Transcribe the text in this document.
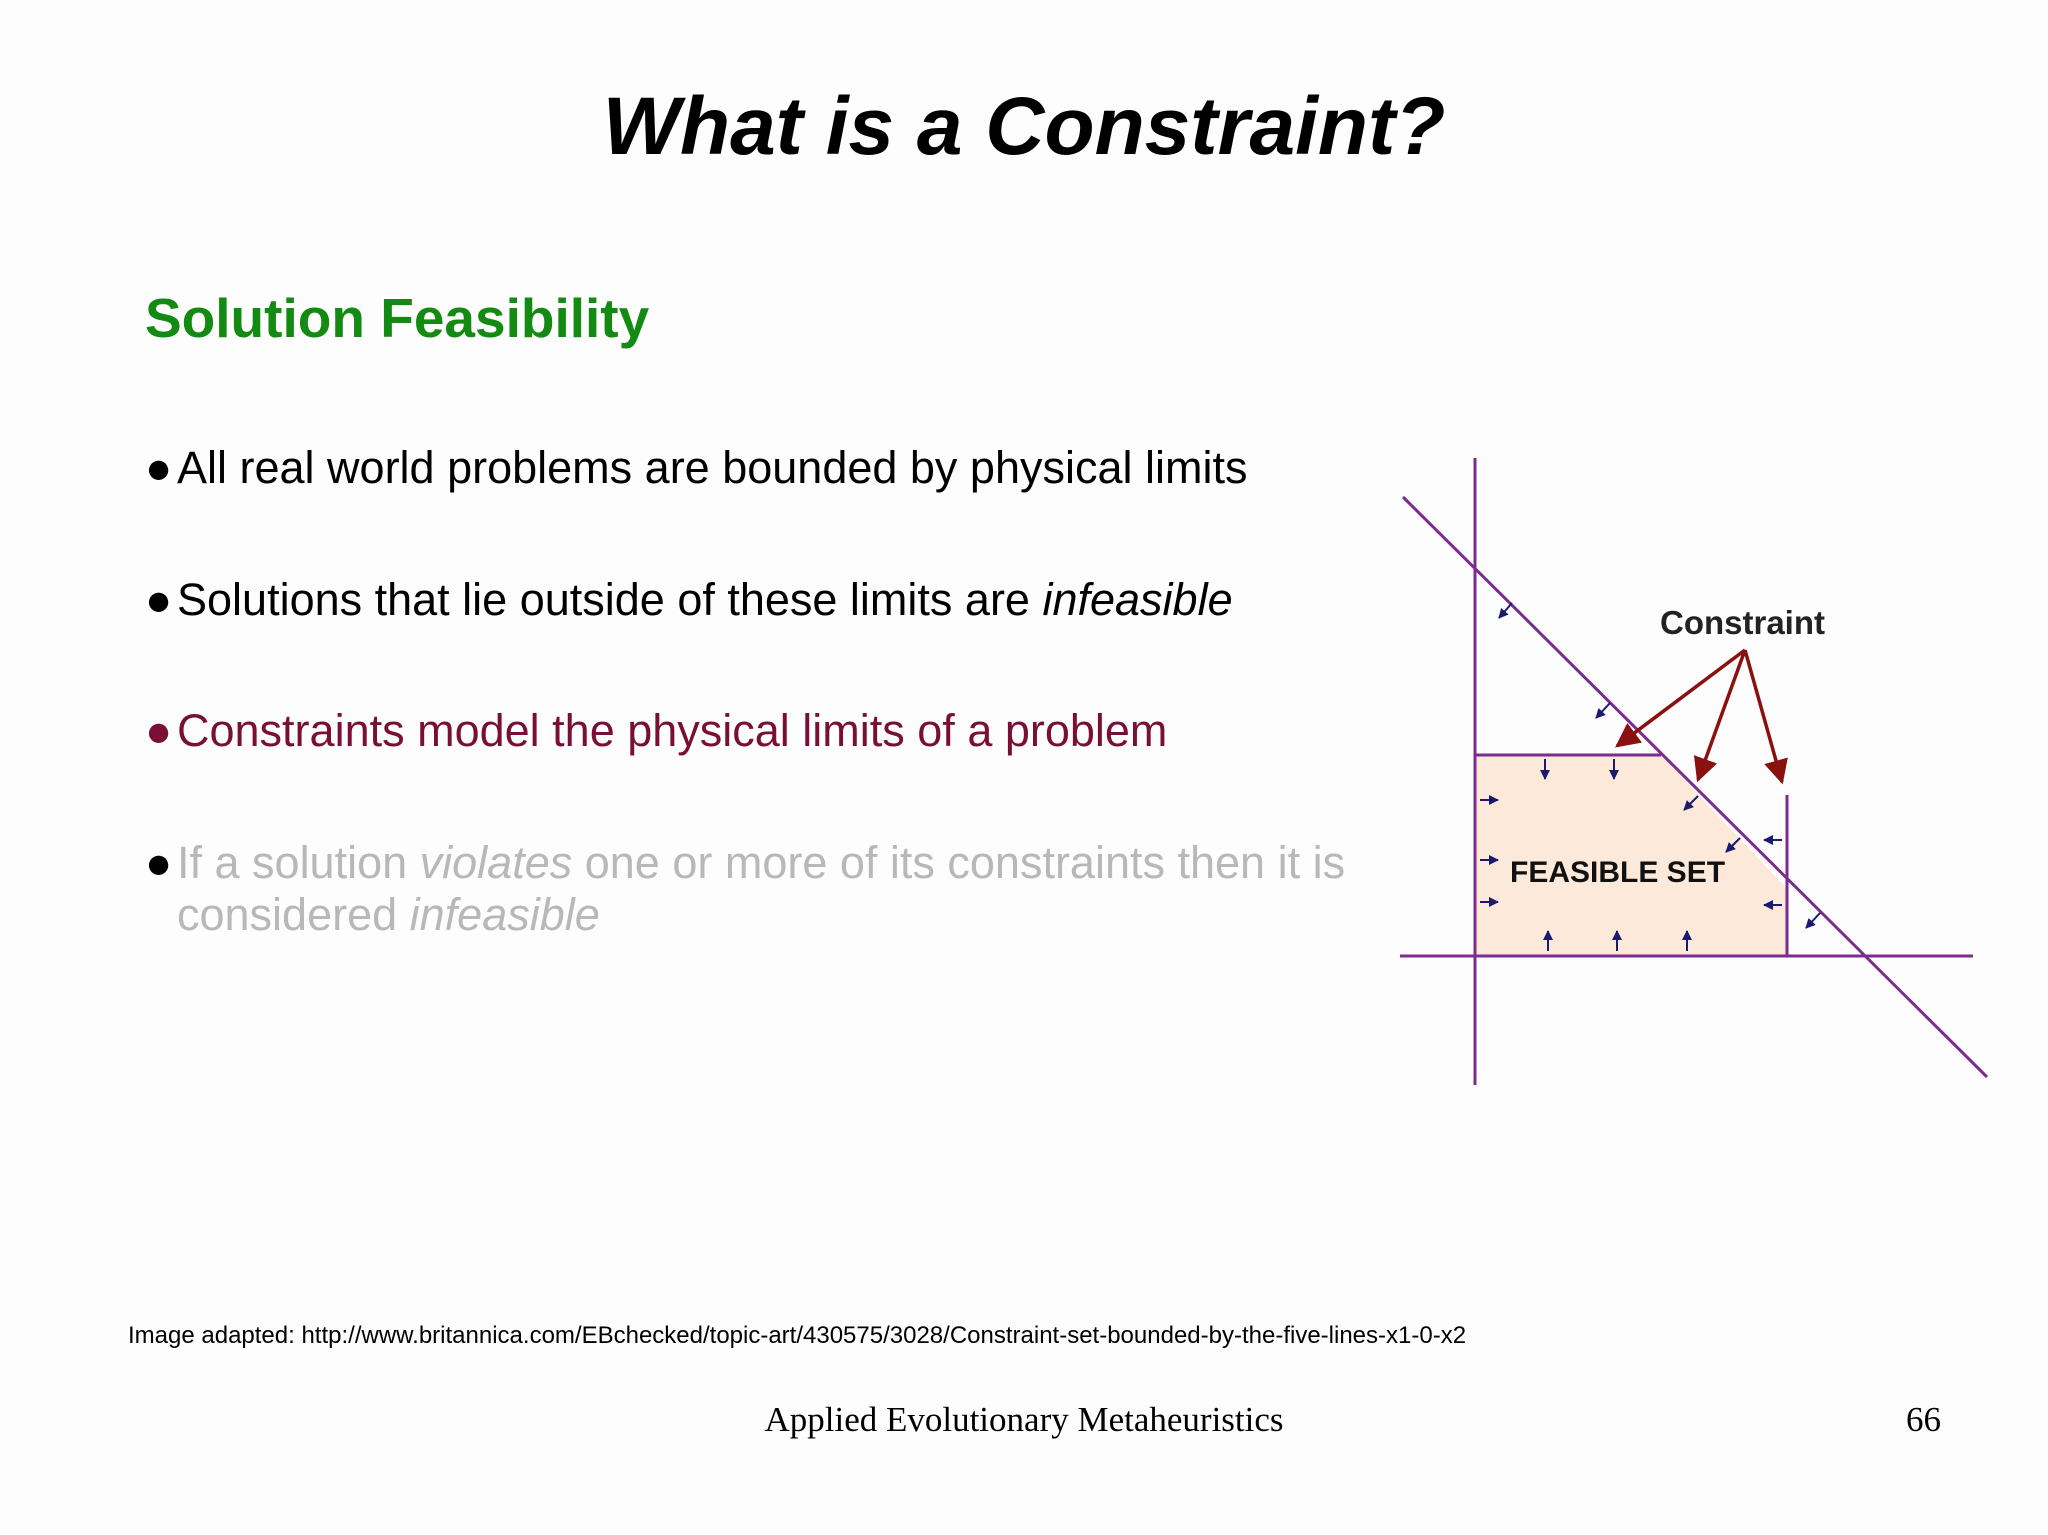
What is a Constraint?
Solution Feasibility
● All real world problems are bounded by physical limits
● Solutions that lie outside of these limits are infeasible
● Constraints model the physical limits of a problem
● If a solution violates one or more of its constraints then it is considered infeasible
Constraint
FEASIBLE SET
Image adapted: http://www.britannica.com/EBchecked/topic-art/430575/3028/Constraint-set-bounded-by-the-five-lines-x1-0-x2
Applied Evolutionary Metaheuristics	66
